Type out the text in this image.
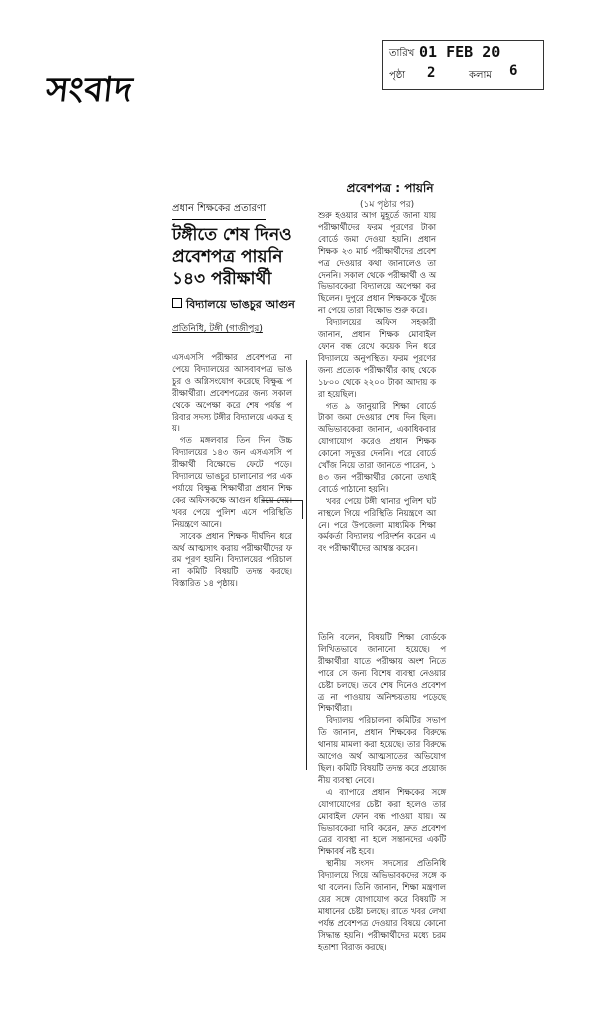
সংবাদ
তারিখ 01 FEB 20
পৃষ্ঠা 2	কলাম 6
প্রবেশপত্র : পায়নি
(১ম পৃষ্ঠার পর)
প্রধান শিক্ষকের প্রতারণা
টঙ্গীতে শেষ দিনও প্রবেশপত্র পায়নি ১৪৩ পরীক্ষার্থী
বিদ্যালয়ে ভাঙচুর আগুন
প্রতিনিধি, টঙ্গী (গাজীপুর)
এসএসসি পরীক্ষার প্রবেশপত্র না পেয়ে বিদ্যালয়ের আসবাবপত্র ভাঙচুর ও অগ্নিসংযোগ করেছে বিক্ষুব্ধ পরীক্ষার্থীরা। প্রবেশপত্রের জন্য সকাল থেকে অপেক্ষা করে শেষ পর্যন্ত পরিবার সদস্য টঙ্গীর বিদ্যালয়ে একত্র হয়।
গত মঙ্গলবার তিন দিন উচ্চ বিদ্যালয়ের ১৪৩ জন এসএসসি পরীক্ষার্থী বিক্ষোভে ফেটে পড়ে। বিদ্যালয়ে ভাঙচুর চালানোর পর একপর্যায়ে বিক্ষুব্ধ শিক্ষার্থীরা প্রধান শিক্ষকের অফিসকক্ষে আগুন ধরিয়ে দেয়। খবর পেয়ে পুলিশ এসে পরিস্থিতি নিয়ন্ত্রণে আনে।
সাবেক প্রধান শিক্ষক দীর্ঘদিন ধরে অর্থ আত্মসাৎ করায় পরীক্ষার্থীদের ফরম পূরণ হয়নি। বিদ্যালয়ের পরিচালনা কমিটি বিষয়টি তদন্ত করছে। বিস্তারিত ১৪ পৃষ্ঠায়।
শুরু হওয়ার আগ মুহূর্তে জানা যায় পরীক্ষার্থীদের ফরম পূরণের টাকা বোর্ডে জমা দেওয়া হয়নি। প্রধান শিক্ষক ২৩ মার্চ পরীক্ষার্থীদের প্রবেশপত্র দেওয়ার কথা জানালেও তা দেননি। সকাল থেকে পরীক্ষার্থী ও অভিভাবকেরা বিদ্যালয়ে অপেক্ষা করছিলেন। দুপুরে প্রধান শিক্ষককে খুঁজে না পেয়ে তারা বিক্ষোভ শুরু করে।
বিদ্যালয়ের অফিস সহকারী জানান, প্রধান শিক্ষক মোবাইল ফোন বন্ধ রেখে কয়েক দিন ধরে বিদ্যালয়ে অনুপস্থিত। ফরম পূরণের জন্য প্রত্যেক পরীক্ষার্থীর কাছ থেকে ১৮০০ থেকে ২২০০ টাকা আদায় করা হয়েছিল।
গত ৯ জানুয়ারি শিক্ষা বোর্ডে টাকা জমা দেওয়ার শেষ দিন ছিল। অভিভাবকেরা জানান, একাধিকবার যোগাযোগ করেও প্রধান শিক্ষক কোনো সদুত্তর দেননি। পরে বোর্ডে খোঁজ নিয়ে তারা জানতে পারেন, ১৪৩ জন পরীক্ষার্থীর কোনো তথ্যই বোর্ডে পাঠানো হয়নি।
খবর পেয়ে টঙ্গী থানার পুলিশ ঘটনাস্থলে গিয়ে পরিস্থিতি নিয়ন্ত্রণে আনে। পরে উপজেলা মাধ্যমিক শিক্ষা কর্মকর্তা বিদ্যালয় পরিদর্শন করেন এবং পরীক্ষার্থীদের আশ্বস্ত করেন।
তিনি বলেন, বিষয়টি শিক্ষা বোর্ডকে লিখিতভাবে জানানো হয়েছে। পরীক্ষার্থীরা যাতে পরীক্ষায় অংশ নিতে পারে সে জন্য বিশেষ ব্যবস্থা নেওয়ার চেষ্টা চলছে। তবে শেষ দিনেও প্রবেশপত্র না পাওয়ায় অনিশ্চয়তায় পড়েছে শিক্ষার্থীরা।
বিদ্যালয় পরিচালনা কমিটির সভাপতি জানান, প্রধান শিক্ষকের বিরুদ্ধে থানায় মামলা করা হয়েছে। তার বিরুদ্ধে আগেও অর্থ আত্মসাতের অভিযোগ ছিল। কমিটি বিষয়টি তদন্ত করে প্রয়োজনীয় ব্যবস্থা নেবে।
এ ব্যাপারে প্রধান শিক্ষকের সঙ্গে যোগাযোগের চেষ্টা করা হলেও তার মোবাইল ফোন বন্ধ পাওয়া যায়। অভিভাবকেরা দাবি করেন, দ্রুত প্রবেশপত্রের ব্যবস্থা না হলে সন্তানদের একটি শিক্ষাবর্ষ নষ্ট হবে।
স্থানীয় সংসদ সদস্যের প্রতিনিধি বিদ্যালয়ে গিয়ে অভিভাবকদের সঙ্গে কথা বলেন। তিনি জানান, শিক্ষা মন্ত্রণালয়ের সঙ্গে যোগাযোগ করে বিষয়টি সমাধানের চেষ্টা চলছে। রাতে খবর লেখা পর্যন্ত প্রবেশপত্র দেওয়ার বিষয়ে কোনো সিদ্ধান্ত হয়নি। পরীক্ষার্থীদের মধ্যে চরম হতাশা বিরাজ করছে।
